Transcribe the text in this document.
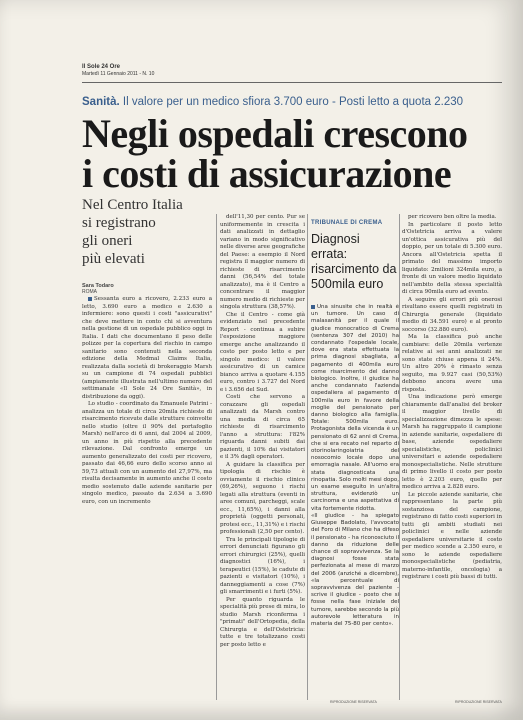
Il Sole 24 Ore
Martedì 11 Gennaio 2011 - N. 10
Sanità. Il valore per un medico sfiora 3.700 euro - Posti letto a quota 2.230
Negli ospedali crescono
i costi di assicurazione
Nel Centro Italia
si registrano
gli oneri
più elevati
Sara Todaro
ROMA

Sessanta euro a ricovero, 2.233 euro a letto, 3.690 euro a medico e 2.630 a infermiere: sono questi i costi "assicurativi" che deve mettere in conto chi si avventura nella gestione di un ospedale pubblico oggi in Italia. I dati che documentano il peso delle polizze per la copertura del rischio in campo sanitario sono contenuti nella seconda edizione della Medmal Claims Italia, realizzata dalla società di brokeraggio Marsh su un campione di 74 ospedali pubblici (ampiamente illustrata nell'ultimo numero del settimanale «Il Sole 24 Ore Sanità», in distribuzione da oggi).

Lo studio - coordinato da Emanuele Patrini - analizza un totale di circa 20mila richieste di risarcimento ricevute dalle strutture coinvolte nello studio (oltre il 90% del portafoglio Marsh) nell'arco di 6 anni, dal 2004 al 2009, un anno in più rispetto alla precedente rilevazione. Dal confronto emerge un aumento generalizzato dei costi per ricovero, passato dai 46,66 euro dello scorso anno ai 59,73 attuali con un aumento del 27,97%, ma risulta decisamente in aumento anche il costo medio sostenuto dalle aziende sanitarie per singolo medico, passato da 2.634 a 3.690 euro, con un incremento

dell'11,30 per cento. Pur se uniformemente in crescita i dati analizzati in dettaglio variano in modo significativo nelle diverse aree geografiche del Paese: a esempio il Nord registra il maggior numero di richieste di risarcimento danni (56,54% del totale analizzato), ma è il Centro a concentrare il maggior numero medio di richieste per singola struttura (38,57%).

Che il Centro - come già evidenziato nel precedente Report - continua a subire l'esposizione maggiore emerge anche analizzando il costo per posto letto e per singolo medico: il valore assicurativo di un camice bianco arriva a quotare 4.155 euro, contro i 3.727 del Nord e i 3.656 del Sud.

Costi che servono a corazzare gli ospedali analizzati da Marsh contro una media di circa 65 richieste di risarcimento l'anno a struttura: l'82% riguarda danni subiti dai pazienti, il 10% dai visitatori e il 3% dagli operatori.

A guidare la classifica per tipologia di rischio è ovviamente il rischio clinico (69,26%), seguono i rischi legati alla struttura (eventi in aree comuni, parcheggi, scale ecc., 11,65%), i danni alla proprietà (oggetti personali, protesi ecc., 11,31%) e i rischi professionali (2,50 per cento).

Tra le principali tipologie di errori denunciati figurano gli errori chirurgici (25%), quelli diagnostici (16%), i terapeutici (15%), le cadute di pazienti e visitatori (10%), i danneggiamenti a cose (7%) gli smarrimenti e i furti (5%).

Per quanto riguarda le specialità più prese di mira, lo studio Marsh riconferma i "primati" dell'Ortopedia, della Chirurgia e dell'Ostetricia: tutte e tre totalizzano costi per posto letto e

TRIBUNALE DI CREMA
Diagnosi errata: risarcimento da 500mila euro

Una sinusite che in realtà è un tumore. Un caso di malasanità per il quale il giudice monocratico di Crema (sentenza 307 del 2010) ha condannato l'ospedale locale, dove era stata effettuata la prima diagnosi sbagliata, al pagamento di 400mila euro come risarcimento del danno biologico. Inoltre, il giudice ha anche condannato l'azienda ospedaliera al pagamento di 100mila euro in favore della moglie del pensionato per danno biologico alla famiglia. Totale: 500mila euro. Protagonista della vicenda è un pensionato di 62 anni di Crema, che si era recato nel reparto di otorinolaringoiatria del nosocomio locale dopo una emorragia nasale. All'uomo era stata diagnosticata una rinopatia. Solo molti mesi dopo, un esame eseguito in un'altra struttura, evidenziò un carcinoma e una aspettativa di vita fortemente ridotta.

«Il giudice - ha spiegato Giuseppe Badolato, l'avvocato del Foro di Milano che ha difeso il pensionato - ha riconosciuto il danno da riduzione delle chance di sopravvivenza. Se la diagnosi fosse stata perfezionata al mese di marzo del 2006 (anziché a dicembre), «la percentuale di sopravvivenza del paziente - scrive il giudice - posto che si fosse nella fase iniziale del tumore, sarebbe secondo la più autorevole letteratura in materia del 75-80 per cento».

per ricovero ben oltre la media.

In particolare il posto letto d'Ostetricia arriva a valere un'ottica assicurativa più del doppio, per un totale di 5.300 euro. Ancora all'Ostetricia spetta il primato del massimo importo liquidato: 2milioni 324mila euro, a fronte di un valore medio liquidato nell'ambito della stessa specialità di circa 90mila euro ad evento.

A seguire gli errori più onerosi risultano essere quelli registrati in Chirurgia generale (liquidato medio di 34.591 euro) e al pronto soccorso (32.880 euro).

Ma la classifica può anche cambiare: delle 20mila vertenze relative ai sei anni analizzati ne sono state chiuse appena il 24%. Un altro 20% è rimasto senza seguito, ma 9.927 casi (50,53%) debbono ancora avere una risposta.

Una indicazione però emerge chiaramente dall'analisi del broker il maggior livello di specializzazione dimezza le spese: Marsh ha raggruppato il campione in aziende sanitarie, ospedaliere di base, aziende ospedaliere specialistiche, policlinici universitari e aziende ospedaliere monospecialistiche. Nelle strutture di primo livello il costo per posto letto è 2.203 euro, quello per medico arriva a 2.828 euro.

Le piccole aziende sanitarie, che rappresentano la parte più sostanziosa del campione, registrano di fatto costi superiori in tutti gli ambiti studiati nei policlinici e nelle aziende ospedaliere universitarie il costo per medico scende a 2.350 euro, e sono le aziende ospedaliere monospecialistiche (pediatria, materno-infantile, oncologia) a registrare i costi più bassi di tutti.

RIPRODUZIONE RISERVATA	RIPRODUZIONE RISERVATA
